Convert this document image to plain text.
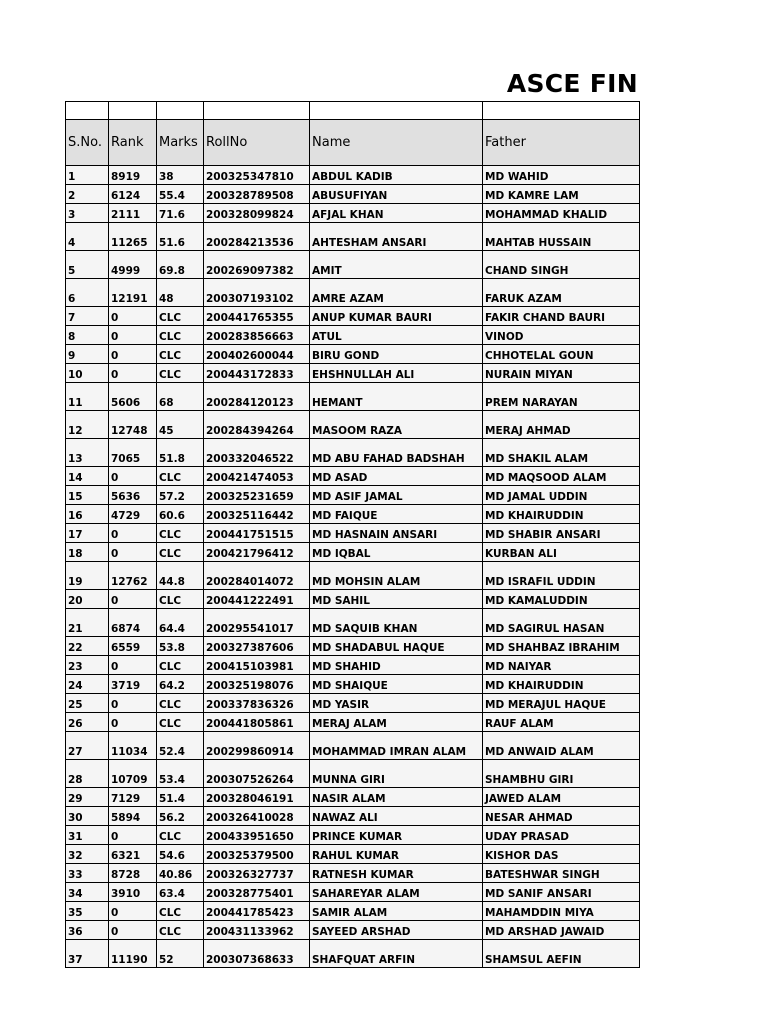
ASCE FIN

S.No.	Rank	Marks	RollNo	Name	Father
1	8919	38	200325347810	ABDUL KADIB	MD WAHID
2	6124	55.4	200328789508	ABUSUFIYAN	MD KAMRE LAM
3	2111	71.6	200328099824	AFJAL KHAN	MOHAMMAD KHALID
4	11265	51.6	200284213536	AHTESHAM ANSARI	MAHTAB HUSSAIN
5	4999	69.8	200269097382	AMIT	CHAND SINGH
6	12191	48	200307193102	AMRE AZAM	FARUK AZAM
7	0	CLC	200441765355	ANUP KUMAR BAURI	FAKIR CHAND BAURI
8	0	CLC	200283856663	ATUL	VINOD
9	0	CLC	200402600044	BIRU GOND	CHHOTELAL GOUN
10	0	CLC	200443172833	EHSHNULLAH ALI	NURAIN MIYAN
11	5606	68	200284120123	HEMANT	PREM NARAYAN
12	12748	45	200284394264	MASOOM RAZA	MERAJ AHMAD
13	7065	51.8	200332046522	MD ABU FAHAD BADSHAH	MD SHAKIL ALAM
14	0	CLC	200421474053	MD ASAD	MD MAQSOOD ALAM
15	5636	57.2	200325231659	MD ASIF JAMAL	MD JAMAL UDDIN
16	4729	60.6	200325116442	MD FAIQUE	MD KHAIRUDDIN
17	0	CLC	200441751515	MD HASNAIN ANSARI	MD SHABIR ANSARI
18	0	CLC	200421796412	MD IQBAL	KURBAN ALI
19	12762	44.8	200284014072	MD MOHSIN ALAM	MD ISRAFIL UDDIN
20	0	CLC	200441222491	MD SAHIL	MD KAMALUDDIN
21	6874	64.4	200295541017	MD SAQUIB KHAN	MD SAGIRUL HASAN
22	6559	53.8	200327387606	MD SHADABUL HAQUE	MD SHAHBAZ IBRAHIM
23	0	CLC	200415103981	MD SHAHID	MD NAIYAR
24	3719	64.2	200325198076	MD SHAIQUE	MD KHAIRUDDIN
25	0	CLC	200337836326	MD YASIR	MD MERAJUL HAQUE
26	0	CLC	200441805861	MERAJ ALAM	RAUF ALAM
27	11034	52.4	200299860914	MOHAMMAD IMRAN ALAM	MD ANWAID ALAM
28	10709	53.4	200307526264	MUNNA GIRI	SHAMBHU GIRI
29	7129	51.4	200328046191	NASIR ALAM	JAWED ALAM
30	5894	56.2	200326410028	NAWAZ ALI	NESAR AHMAD
31	0	CLC	200433951650	PRINCE KUMAR	UDAY PRASAD
32	6321	54.6	200325379500	RAHUL KUMAR	KISHOR DAS
33	8728	40.86	200326327737	RATNESH KUMAR	BATESHWAR SINGH
34	3910	63.4	200328775401	SAHAREYAR ALAM	MD SANIF ANSARI
35	0	CLC	200441785423	SAMIR ALAM	MAHAMDDIN MIYA
36	0	CLC	200431133962	SAYEED ARSHAD	MD ARSHAD JAWAID
37	11190	52	200307368633	SHAFQUAT ARFIN	SHAMSUL AEFIN
